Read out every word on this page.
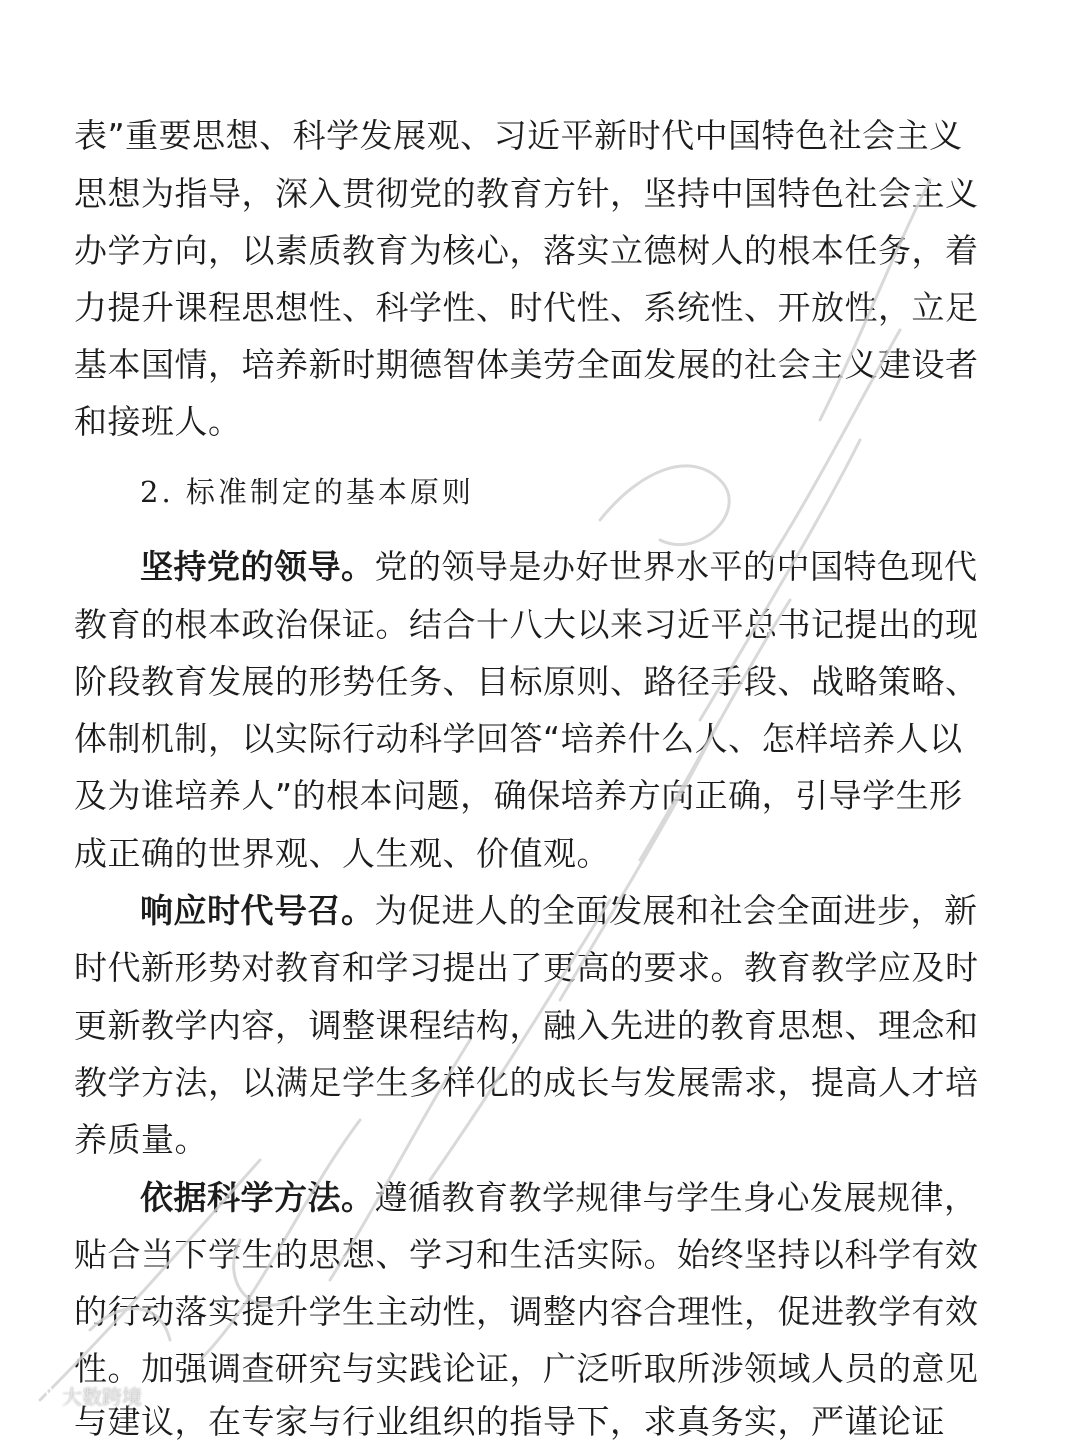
表”重要思想、科学发展观、习近平新时代中国特色社会主义
思想为指导，深入贯彻党的教育方针，坚持中国特色社会主义
办学方向，以素质教育为核心，落实立德树人的根本任务，着
力提升课程思想性、科学性、时代性、系统性、开放性，立足
基本国情，培养新时期德智体美劳全面发展的社会主义建设者
和接班人。
2. 标准制定的基本原则
坚持党的领导。党的领导是办好世界水平的中国特色现代
教育的根本政治保证。结合十八大以来习近平总书记提出的现
阶段教育发展的形势任务、目标原则、路径手段、战略策略、
体制机制，以实际行动科学回答“培养什么人、怎样培养人以
及为谁培养人”的根本问题，确保培养方向正确，引导学生形
成正确的世界观、人生观、价值观。
响应时代号召。为促进人的全面发展和社会全面进步，新
时代新形势对教育和学习提出了更高的要求。教育教学应及时
更新教学内容，调整课程结构，融入先进的教育思想、理念和
教学方法，以满足学生多样化的成长与发展需求，提高人才培
养质量。
依据科学方法。遵循教育教学规律与学生身心发展规律，
贴合当下学生的思想、学习和生活实际。始终坚持以科学有效
的行动落实提升学生主动性，调整内容合理性，促进教学有效
性。加强调查研究与实践论证，广泛听取所涉领域人员的意见
与建议，在专家与行业组织的指导下，求真务实，严谨论证
大数跨境
